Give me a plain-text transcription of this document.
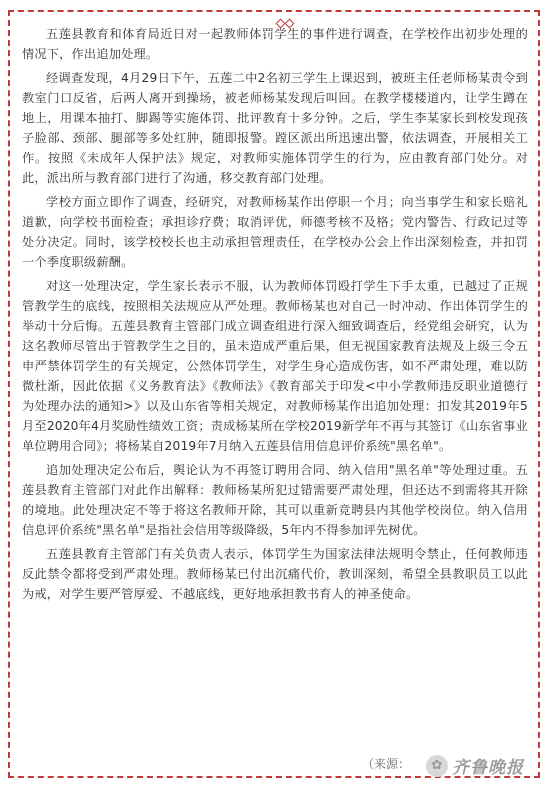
五莲县教育和体育局近日对一起教师体罚学生的事件进行调查，在学校作出初步处理的情况下，作出追加处理。

经调查发现，4月29日下午，五莲二中2名初三学生上课迟到，被班主任老师杨某责令到教室门口反省，后两人离开到操场，被老师杨某发现后叫回。在教学楼楼道内，让学生蹲在地上，用课本抽打、脚踢等实施体罚、批评教育十多分钟。之后，学生李某家长到校发现孩子脸部、颈部、腿部等多处红肿，随即报警。蹚区派出所迅速出警，依法调查，开展相关工作。按照《未成年人保护法》规定，对教师实施体罚学生的行为，应由教育部门处分。对此，派出所与教育部门进行了沟通，移交教育部门处理。

学校方面立即作了调查，经研究，对教师杨某作出停职一个月；向当事学生和家长赔礼道歉，向学校书面检查；承担诊疗费；取消评优，师德考核不及格；党内警告、行政记过等处分决定。同时，该学校校长也主动承担管理责任，在学校办公会上作出深刻检查，并扣罚一个季度职级薪酬。

对这一处理决定，学生家长表示不服，认为教师体罚殴打学生下手太重，已越过了正规管教学生的底线，按照相关法规应从严处理。教师杨某也对自己一时冲动、作出体罚学生的举动十分后悔。五莲县教育主管部门成立调查组进行深入细致调查后，经党组会研究，认为这名教师尽管出于管教学生之目的，虽未造成严重后果，但无视国家教育法规及上级三令五申严禁体罚学生的有关规定，公然体罚学生，对学生身心造成伤害，如不严肃处理，难以防微杜渐，因此依据《义务教育法》《教师法》《教育部关于印发<中小学教师违反职业道德行为处理办法的通知>》以及山东省等相关规定，对教师杨某作出追加处理：扣发其2019年5月至2020年4月奖励性绩效工资；责成杨某所在学校2019新学年不再与其签订《山东省事业单位聘用合同》；将杨某自2019年7月纳入五莲县信用信息评价系统"黑名单"。

追加处理决定公布后，舆论认为不再签订聘用合同、纳入信用"黑名单"等处理过重。五莲县教育主管部门对此作出解释：教师杨某所犯过错需要严肃处理，但还达不到需将其开除的境地。此处理决定不等于将这名教师开除，其可以重新竞聘县内其他学校岗位。纳入信用信息评价系统"黑名单"是指社会信用等级降级，5年内不得参加评先树优。

五莲县教育主管部门有关负责人表示，体罚学生为国家法律法规明令禁止，任何教师违反此禁令都将受到严肃处理。教师杨某已付出沉痛代价，教训深刻，希望全县教职员工以此为戒，对学生要严管厚爱、不越底线，更好地承担教书育人的神圣使命。

（来源：	✿ 齐鲁晚报
